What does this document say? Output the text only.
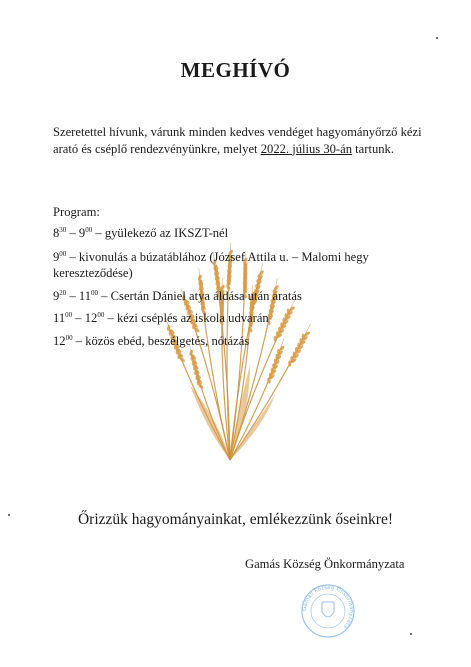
MEGHÍVÓ
Szeretettel hívunk, várunk minden kedves vendéget hagyományőrző kézi arató és cséplő rendezvényünkre, melyet 2022. július 30-án tartunk.
Program:
$8^{30} - 9^{00}$ – gyülekező az IKSZT-nél
$9^{00}$ – kivonulás a búzatáblához (József Attila u. – Malomi hegy kereszteződése)
$9^{20} - 11^{00}$ – Csertán Dániel atya áldása után aratás
$11^{00} - 12^{00}$ – kézi cséplés az iskola udvarán
$12^{00}$ – közös ebéd, beszélgetés, nótázás
Őrizzük hagyományainkat, emlékezzünk őseinkre!
Gamás Község Önkormányzata
Gamás Község Önkormányzata
